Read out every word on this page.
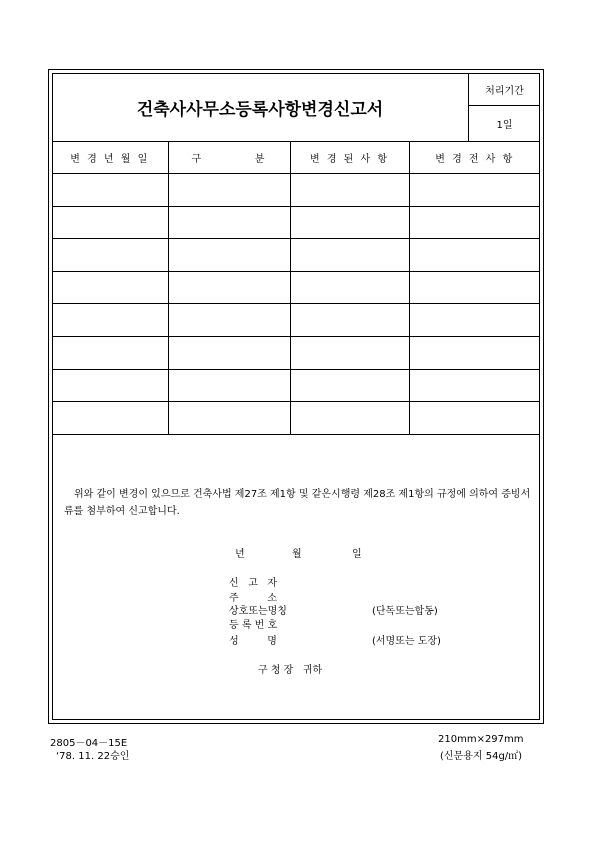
건축사사무소등록사항변경신고서
처리기간
1일
변 경 년 월 일	구          분	변 경 된 사 항	변 경 전 사 항

위와 같이 변경이 있으므로 건축사법 제27조 제1항 및 같은시행령 제28조 제1항의 규정에 의하여 증빙서류를 첨부하여 신고합니다.
년	월	일
신   고   자
주         소
상호또는명칭	(단독또는합동)
등 록 번 호
성         명	(서명또는 도장)
구 청 장   귀하
2805－04－15E
‘78. 11. 22승인
210mm×297mm
(신문용지 54g/㎡)
